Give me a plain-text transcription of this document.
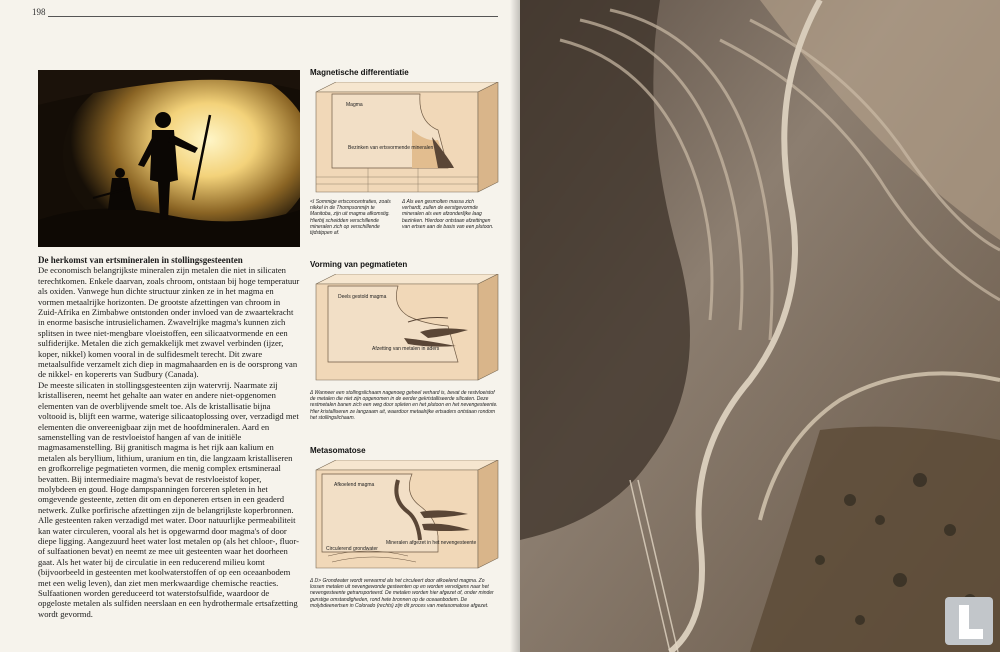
198
De herkomst van ertsmineralen in stollingsgesteenten

De economisch belangrijkste mineralen zijn metalen die niet in silicaten terechtkomen. Enkele daarvan, zoals chroom, ontstaan bij hoge temperatuur als oxiden. Vanwege hun dichte structuur zinken ze in het magma en vormen metaalrijke horizonten. De grootste afzettingen van chroom in Zuid-Afrika en Zimbabwe ontstonden onder invloed van de zwaartekracht in enorme basische intrusielichamen. Zwavelrijke magma's kunnen zich splitsen in twee niet-mengbare vloeistoffen, een silicaatvormende en een sulfiderijke. Metalen die zich gemakkelijk met zwavel verbinden (ijzer, koper, nikkel) komen vooral in de sulfidesmelt terecht. Dit zware metaalsulfide verzamelt zich diep in magmahaarden en is de oorsprong van de nikkel- en kopererts van Sudbury (Canada).

De meeste silicaten in stollingsgesteenten zijn watervrij. Naarmate zij kristalliseren, neemt het gehalte aan water en andere niet-opgenomen elementen van de overblijvende smelt toe. Als de kristallisatie bijna voltooid is, blijft een warme, waterige silicaatoplossing over, verzadigd met elementen die onvereenigbaar zijn met de hoofdmineralen. Aard en samenstelling van de restvloeistof hangen af van de initiële magmasamenstelling. Bij granitisch magma is het rijk aan kalium en metalen als beryllium, lithium, uranium en tin, die langzaam kristalliseren en grofkorrelige pegmatieten vormen, die menig complex ertsmineraal bevatten. Bij intermediaire magma's bevat de restvloeistof koper, molybdeen en goud. Hoge dampspanningen forceren spleten in het omgevende gesteente, zetten dit om en deponeren ertsen in een geaderd netwerk. Zulke porfirische afzettingen zijn de belangrijkste koperbronnen.

Alle gesteenten raken verzadigd met water. Door natuurlijke permeabiliteit kan water circuleren, vooral als het is opgewarmd door magma's of door diepe ligging. Aangezuurd heet water lost metalen op (als het chloor-, fluor- of sulfaationen bevat) en neemt ze mee uit gesteenten waar het doorheen gaat. Als het water bij de circulatie in een reducerend milieu komt (bijvoorbeeld in gesteenten met koolwaterstoffen of op een oceaanbodem met een welig leven), dan ziet men merkwaardige chemische reacties. Sulfaationen worden gereduceerd tot waterstofsulfide, waardoor de opgeloste metalen als sulfiden neerslaan en een hydrothermale ertsafzetting wordt gevormd.

Magnetische differentiatie
Magma
Bezinken van ertsvormende mineralen

<I Sommige ertsconcentraties, zoals nikkel in de Thompsonmijn te Manitoba, zijn uit magma afkomstig. Hierbij scheidden verschillende mineralen zich op verschillende tijdstippen af.

Δ Als een gesmolten massa zich verhardt, zullen de eerstgevormde mineralen als een afzonderlijke laag bezinken. Hierdoor ontstaan afzettingen van ertsen aan de basis van een plutoon.

Vorming van pegmatieten
Deels gestold magma
Afzetting van metalen in aders

Δ Wanneer een stollingslichaam nagenoeg geheel verhard is, bevat de restvloeistof de metalen die niet zijn opgenomen in de eerder gekristalliseerde silicaten. Deze restmetalen banen zich een weg door spleten en het plutoon en het nevengesteente. Hier kristalliseren ze langzaam uit, waardoor metaalrijke ertsaders ontstaan rondom het stollingslichaam.

Metasomatose
Afkoelend magma
Circulerend grondwater
Mineralen afgezet in het nevengesteente

Δ D> Grondwater wordt verwarmd als het circuleert door afkoelend magma. Zo lossen metalen uit nevengewonde gesteenten op en worden vervolgens naar het nevengesteente getransporteerd. De metalen worden hier afgezet of, onder minder gunstige omstandigheden, rond hete bronnen op de oceaanbodem. De molybdeenertsen in Colorado (rechts) zijn dit proces van metasomatose afgezet.
